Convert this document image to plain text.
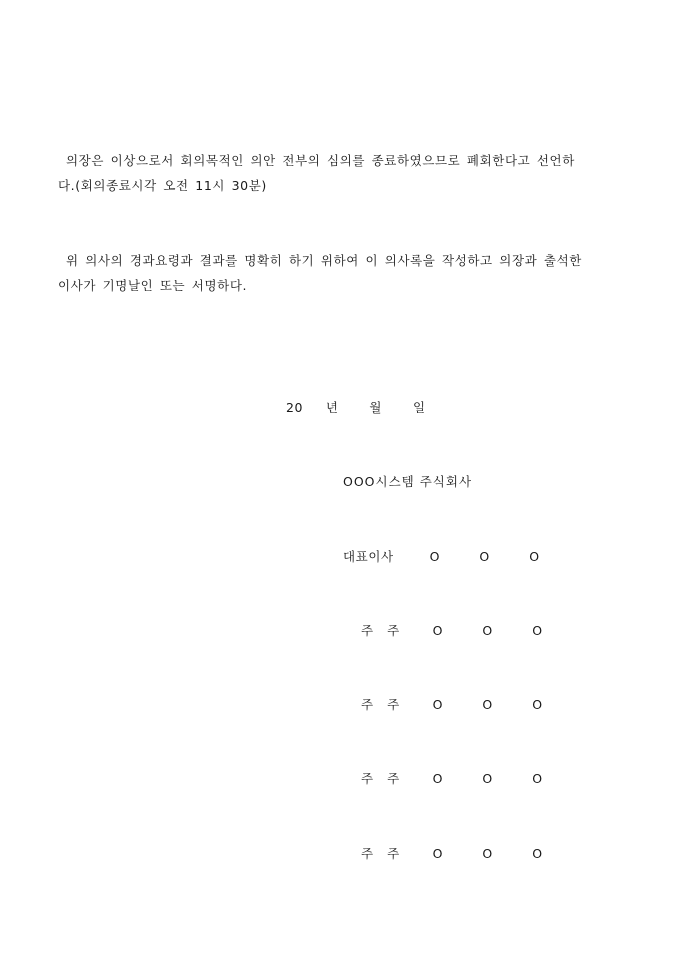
의장은 이상으로서 회의목적인 의안 전부의 심의를 종료하였으므로 폐회한다고 선언하
다.(회의종료시각 오전 11시 30분)

위 의사의 경과요령과 결과를 명확히 하기 위하여 이 의사록을 작성하고 의장과 출석한
이사가 기명날인 또는 서명하다.

20 년 월 일
OOO시스템 주식회사
대표이사	O O O
주주 O O O
주주 O O O
주주 O O O
주주 O O O
